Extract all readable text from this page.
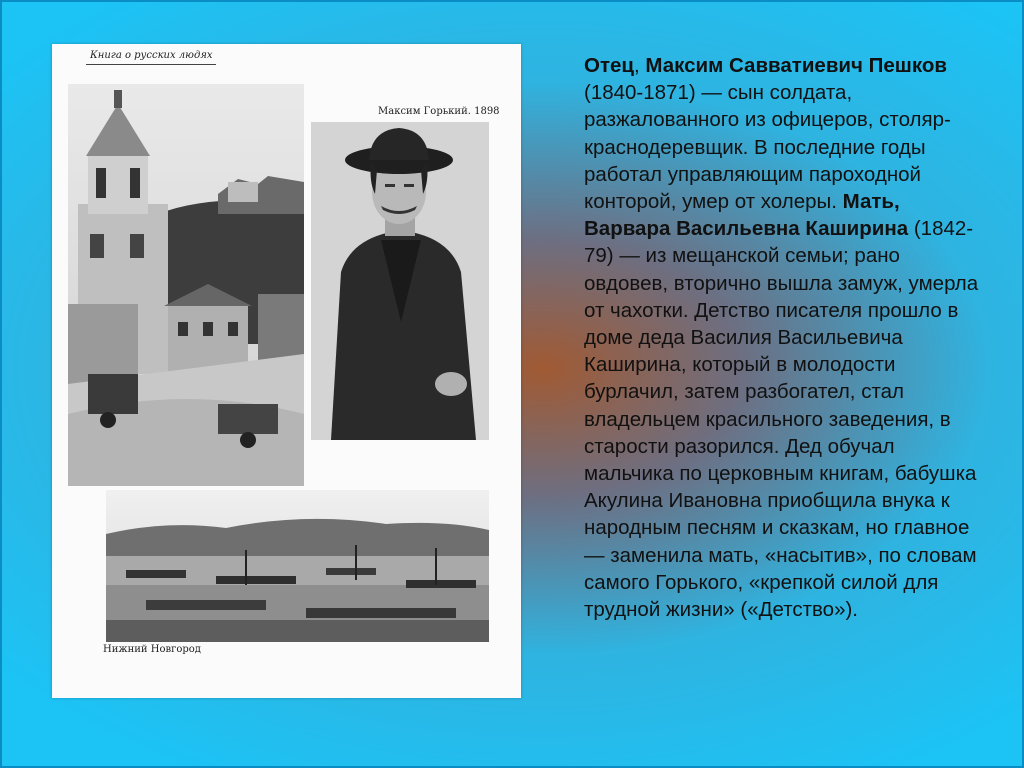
Книга о русских людях
Максим Горький. 1898
Нижний Новгород
Отец, Максим Савватиевич Пешков (1840-1871) — сын солдата, разжалованного из офицеров, столяр-краснодеревщик. В последние годы работал управляющим пароходной конторой, умер от холеры. Мать, Варвара Васильевна Каширина (1842-79) — из мещанской семьи; рано овдовев, вторично вышла замуж, умерла от чахотки. Детство писателя прошло в доме деда Василия Васильевича Каширина, который в молодости бурлачил, затем разбогател, стал владельцем красильного заведения, в старости разорился. Дед обучал мальчика по церковным книгам, бабушка Акулина Ивановна приобщила внука к народным песням и сказкам, но главное — заменила мать, «насытив», по словам самого Горького, «крепкой силой для трудной жизни» («Детство»).
